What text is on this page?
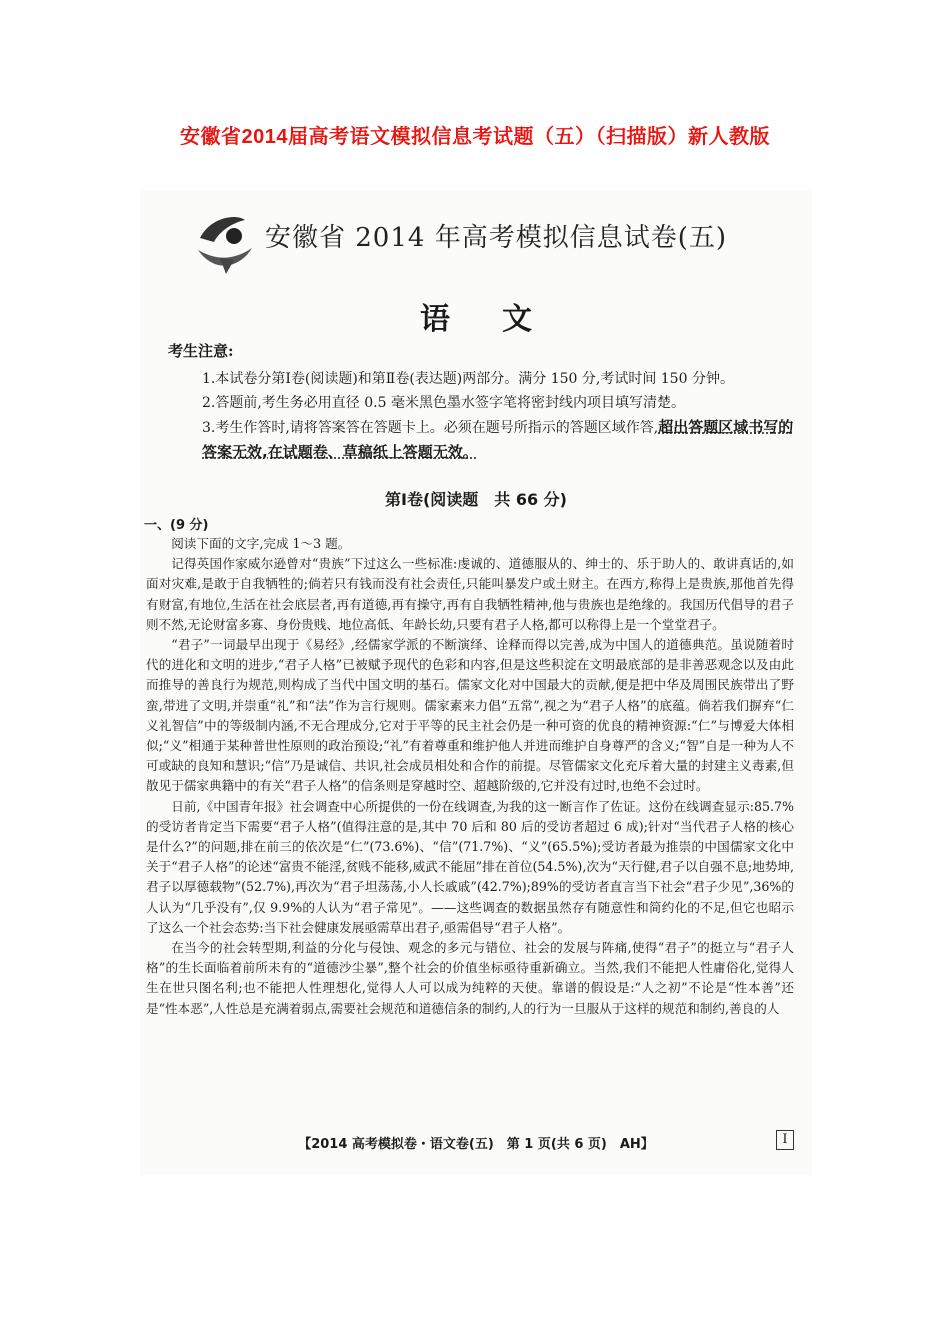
安徽省2014届高考语文模拟信息考试题（五）（扫描版）新人教版
安徽省 2014 年高考模拟信息试卷(五)
语文
考生注意:
1.本试卷分第Ⅰ卷(阅读题)和第Ⅱ卷(表达题)两部分。满分 150 分,考试时间 150 分钟。
2.答题前,考生务必用直径 0.5 毫米黑色墨水签字笔将密封线内项目填写清楚。
3.考生作答时,请将答案答在答题卡上。必须在题号所指示的答题区域作答,超出答题区域书写的答案无效,在试题卷、草稿纸上答题无效。
第Ⅰ卷(阅读题　共 66 分)
一、(9 分)

阅读下面的文字,完成 1～3 题。

记得英国作家威尔逊曾对“贵族”下过这么一些标准:虔诚的、道德服从的、绅士的、乐于助人的、敢讲真话的,如面对灾难,是敢于自我牺牲的;倘若只有钱而没有社会责任,只能叫暴发户或土财主。在西方,称得上是贵族,那他首先得有财富,有地位,生活在社会底层者,再有道德,再有操守,再有自我牺牲精神,他与贵族也是绝缘的。我国历代倡导的君子则不然,无论财富多寡、身份贵贱、地位高低、年龄长幼,只要有君子人格,都可以称得上是一个堂堂君子。

“君子”一词最早出现于《易经》,经儒家学派的不断演绎、诠释而得以完善,成为中国人的道德典范。虽说随着时代的进化和文明的进步,“君子人格”已被赋予现代的色彩和内容,但是这些积淀在文明最底部的是非善恶观念以及由此而推导的善良行为规范,则构成了当代中国文明的基石。儒家文化对中国最大的贡献,便是把中华及周围民族带出了野蛮,带进了文明,并崇重“礼”和“法”作为言行规则。儒家素来力倡“五常”,视之为“君子人格”的底蕴。倘若我们摒弃“仁义礼智信”中的等级制内涵,不无合理成分,它对于平等的民主社会仍是一种可资的优良的精神资源:“仁”与博爱大体相似;“义”相通于某种普世性原则的政治预设;“礼”有着尊重和维护他人并进而维护自身尊严的含义;“智”自是一种为人不可或缺的良知和慧识;“信”乃是诚信、共识,社会成员相处和合作的前提。尽管儒家文化充斥着大量的封建主义毒素,但散见于儒家典籍中的有关“君子人格”的信条则是穿越时空、超越阶级的,它并没有过时,也绝不会过时。

日前,《中国青年报》社会调查中心所提供的一份在线调查,为我的这一断言作了佐证。这份在线调查显示:85.7%的受访者肯定当下需要“君子人格”(值得注意的是,其中 70 后和 80 后的受访者超过 6 成);针对“当代君子人格的核心是什么?”的问题,排在前三的依次是“仁”(73.6%)、“信”(71.7%)、“义”(65.5%);受访者最为推崇的中国儒家文化中关于“君子人格”的论述“富贵不能淫,贫贱不能移,威武不能屈”排在首位(54.5%),次为“天行健,君子以自强不息;地势坤,君子以厚德载物”(52.7%),再次为“君子坦荡荡,小人长戚戚”(42.7%);89%的受访者直言当下社会“君子少见”,36%的人认为“几乎没有”,仅 9.9%的人认为“君子常见”。——这些调查的数据虽然存有随意性和简约化的不足,但它也昭示了这么一个社会态势:当下社会健康发展亟需草出君子,亟需倡导“君子人格”。

在当今的社会转型期,利益的分化与侵蚀、观念的多元与错位、社会的发展与阵痛,使得“君子”的挺立与“君子人格”的生长面临着前所未有的“道德沙尘暴”,整个社会的价值坐标亟待重新确立。当然,我们不能把人性庸俗化,觉得人生在世只图名利;也不能把人性理想化,觉得人人可以成为纯粹的天使。靠谱的假设是:“人之初”不论是“性本善”还是“性本恶”,人性总是充满着弱点,需要社会规范和道德信条的制约,人的行为一旦服从于这样的规范和制约,善良的人

【2014 高考模拟卷・语文卷(五)　第 1 页(共 6 页)　AH】	Ⅰ
